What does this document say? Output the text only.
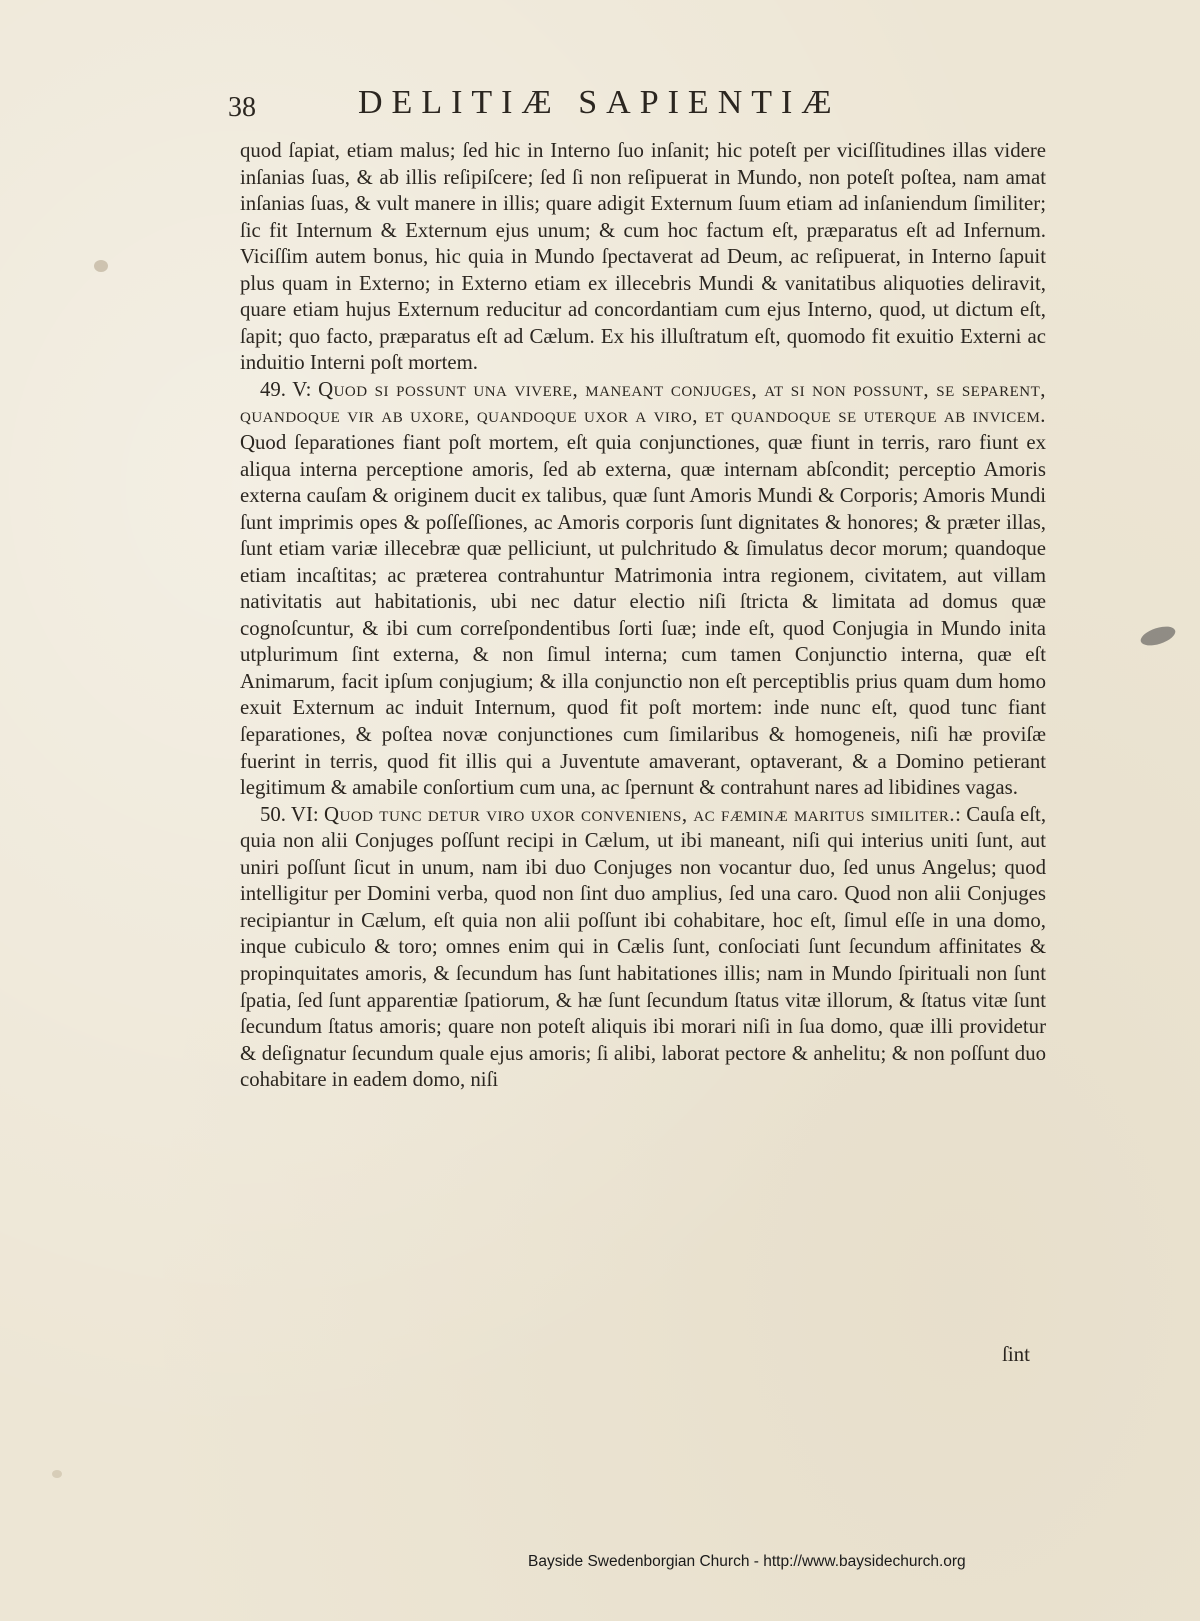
38	DELITIÆ SAPIENTIÆ

quod ſapiat, etiam malus; ſed hic in Interno ſuo inſanit; hic poteſt per viciſſitudines illas videre inſanias ſuas, & ab illis reſipiſcere; ſed ſi non reſipuerat in Mundo, non poteſt poſtea, nam amat inſanias ſuas, & vult manere in illis; quare adigit Externum ſuum etiam ad inſaniendum ſimiliter; ſic fit Internum & Externum ejus unum; & cum hoc factum eſt, præparatus eſt ad Infernum. Viciſſim autem bonus, hic quia in Mundo ſpectaverat ad Deum, ac reſipuerat, in Interno ſapuit plus quam in Externo; in Externo etiam ex illecebris Mundi & vanitatibus aliquoties deliravit, quare etiam hujus Externum reducitur ad concordantiam cum ejus Interno, quod, ut dictum eſt, ſapit; quo facto, præparatus eſt ad Cælum. Ex his illuſtratum eſt, quomodo fit exuitio Externi ac induitio Interni poſt mortem.

49. V: Quod si possunt una vivere, maneant conjuges, at si non possunt, se separent, quandoque vir ab uxore, quandoque uxor a viro, et quandoque se uterque ab invicem. Quod ſeparationes fiant poſt mortem, eſt quia conjunctiones, quæ fiunt in terris, raro fiunt ex aliqua interna perceptione amoris, ſed ab externa, quæ internam abſcondit; perceptio Amoris externa cauſam & originem ducit ex talibus, quæ ſunt Amoris Mundi & Corporis; Amoris Mundi ſunt imprimis opes & poſſeſſiones, ac Amoris corporis ſunt dignitates & honores; & præter illas, ſunt etiam variæ illecebræ quæ pelliciunt, ut pulchritudo & ſimulatus decor morum; quandoque etiam incaſtitas; ac præterea contrahuntur Matrimonia intra regionem, civitatem, aut villam nativitatis aut habitationis, ubi nec datur electio niſi ſtricta & limitata ad domus quæ cognoſcuntur, & ibi cum correſpondentibus ſorti ſuæ; inde eſt, quod Conjugia in Mundo inita utplurimum ſint externa, & non ſimul interna; cum tamen Conjunctio interna, quæ eſt Animarum, facit ipſum conjugium; & illa conjunctio non eſt perceptiblis prius quam dum homo exuit Externum ac induit Internum, quod fit poſt mortem: inde nunc eſt, quod tunc fiant ſeparationes, & poſtea novæ conjunctiones cum ſimilaribus & homogeneis, niſi hæ proviſæ fuerint in terris, quod fit illis qui a Juventute amaverant, optaverant, & a Domino petierant legitimum & amabile conſortium cum una, ac ſpernunt & contrahunt nares ad libidines vagas.

50. VI: Quod tunc detur viro uxor conveniens, ac fæminæ maritus similiter.: Cauſa eſt, quia non alii Conjuges poſſunt recipi in Cælum, ut ibi maneant, niſi qui interius uniti ſunt, aut uniri poſſunt ſicut in unum, nam ibi duo Conjuges non vocantur duo, ſed unus Angelus; quod intelligitur per Domini verba, quod non ſint duo amplius, ſed una caro. Quod non alii Conjuges recipiantur in Cælum, eſt quia non alii poſſunt ibi cohabitare, hoc eſt, ſimul eſſe in una domo, inque cubiculo & toro; omnes enim qui in Cælis ſunt, conſociati ſunt ſecundum affinitates & propinquitates amoris, & ſecundum has ſunt habitationes illis; nam in Mundo ſpirituali non ſunt ſpatia, ſed ſunt apparentiæ ſpatiorum, & hæ ſunt ſecundum ſtatus vitæ illorum, & ſtatus vitæ ſunt ſecundum ſtatus amoris; quare non poteſt aliquis ibi morari niſi in ſua domo, quæ illi providetur & deſignatur ſecundum quale ejus amoris; ſi alibi, laborat pectore & anhelitu; & non poſſunt duo cohabitare in eadem domo, niſi

ſint
Bayside Swedenborgian Church - http://www.baysidechurch.org
